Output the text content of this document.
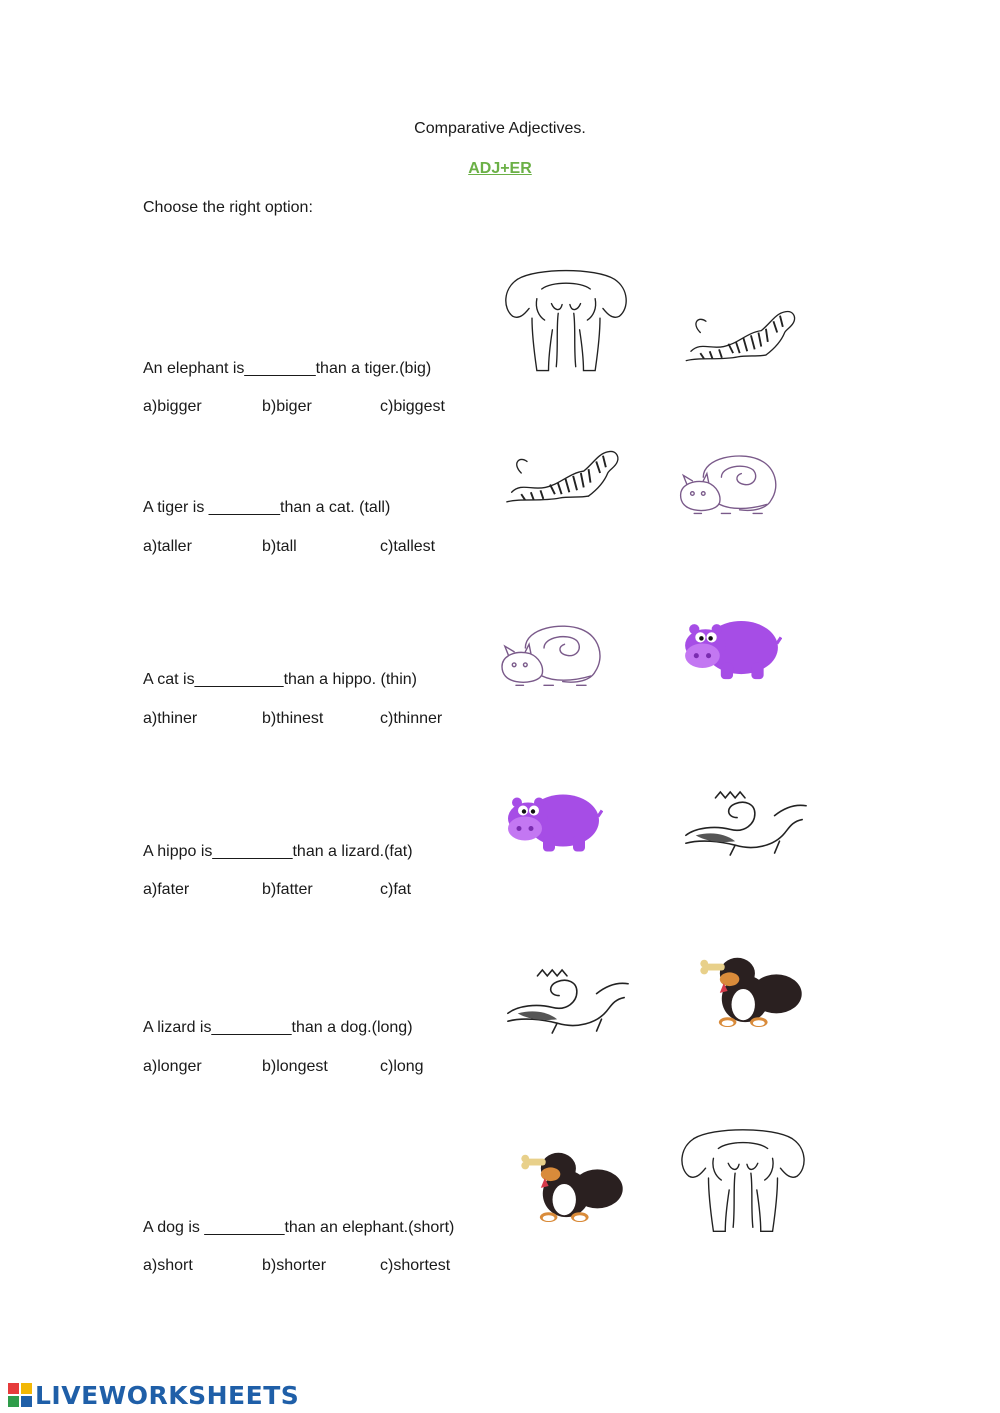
Comparative Adjectives.
ADJ+ER
Choose the right option:
An elephant is________than a tiger.(big)
a)bigger	b)biger	c)biggest
A tiger is ________than a cat. (tall)
a)taller	b)tall	c)tallest
A cat is__________than a hippo. (thin)
a)thiner	b)thinest	c)thinner
A hippo is_________than a lizard.(fat)
a)fater	b)fatter	c)fat
A lizard is_________than a dog.(long)
a)longer	b)longest	c)long
A dog is _________than an elephant.(short)
a)short	b)shorter	c)shortest
LIVEWORKSHEETS
